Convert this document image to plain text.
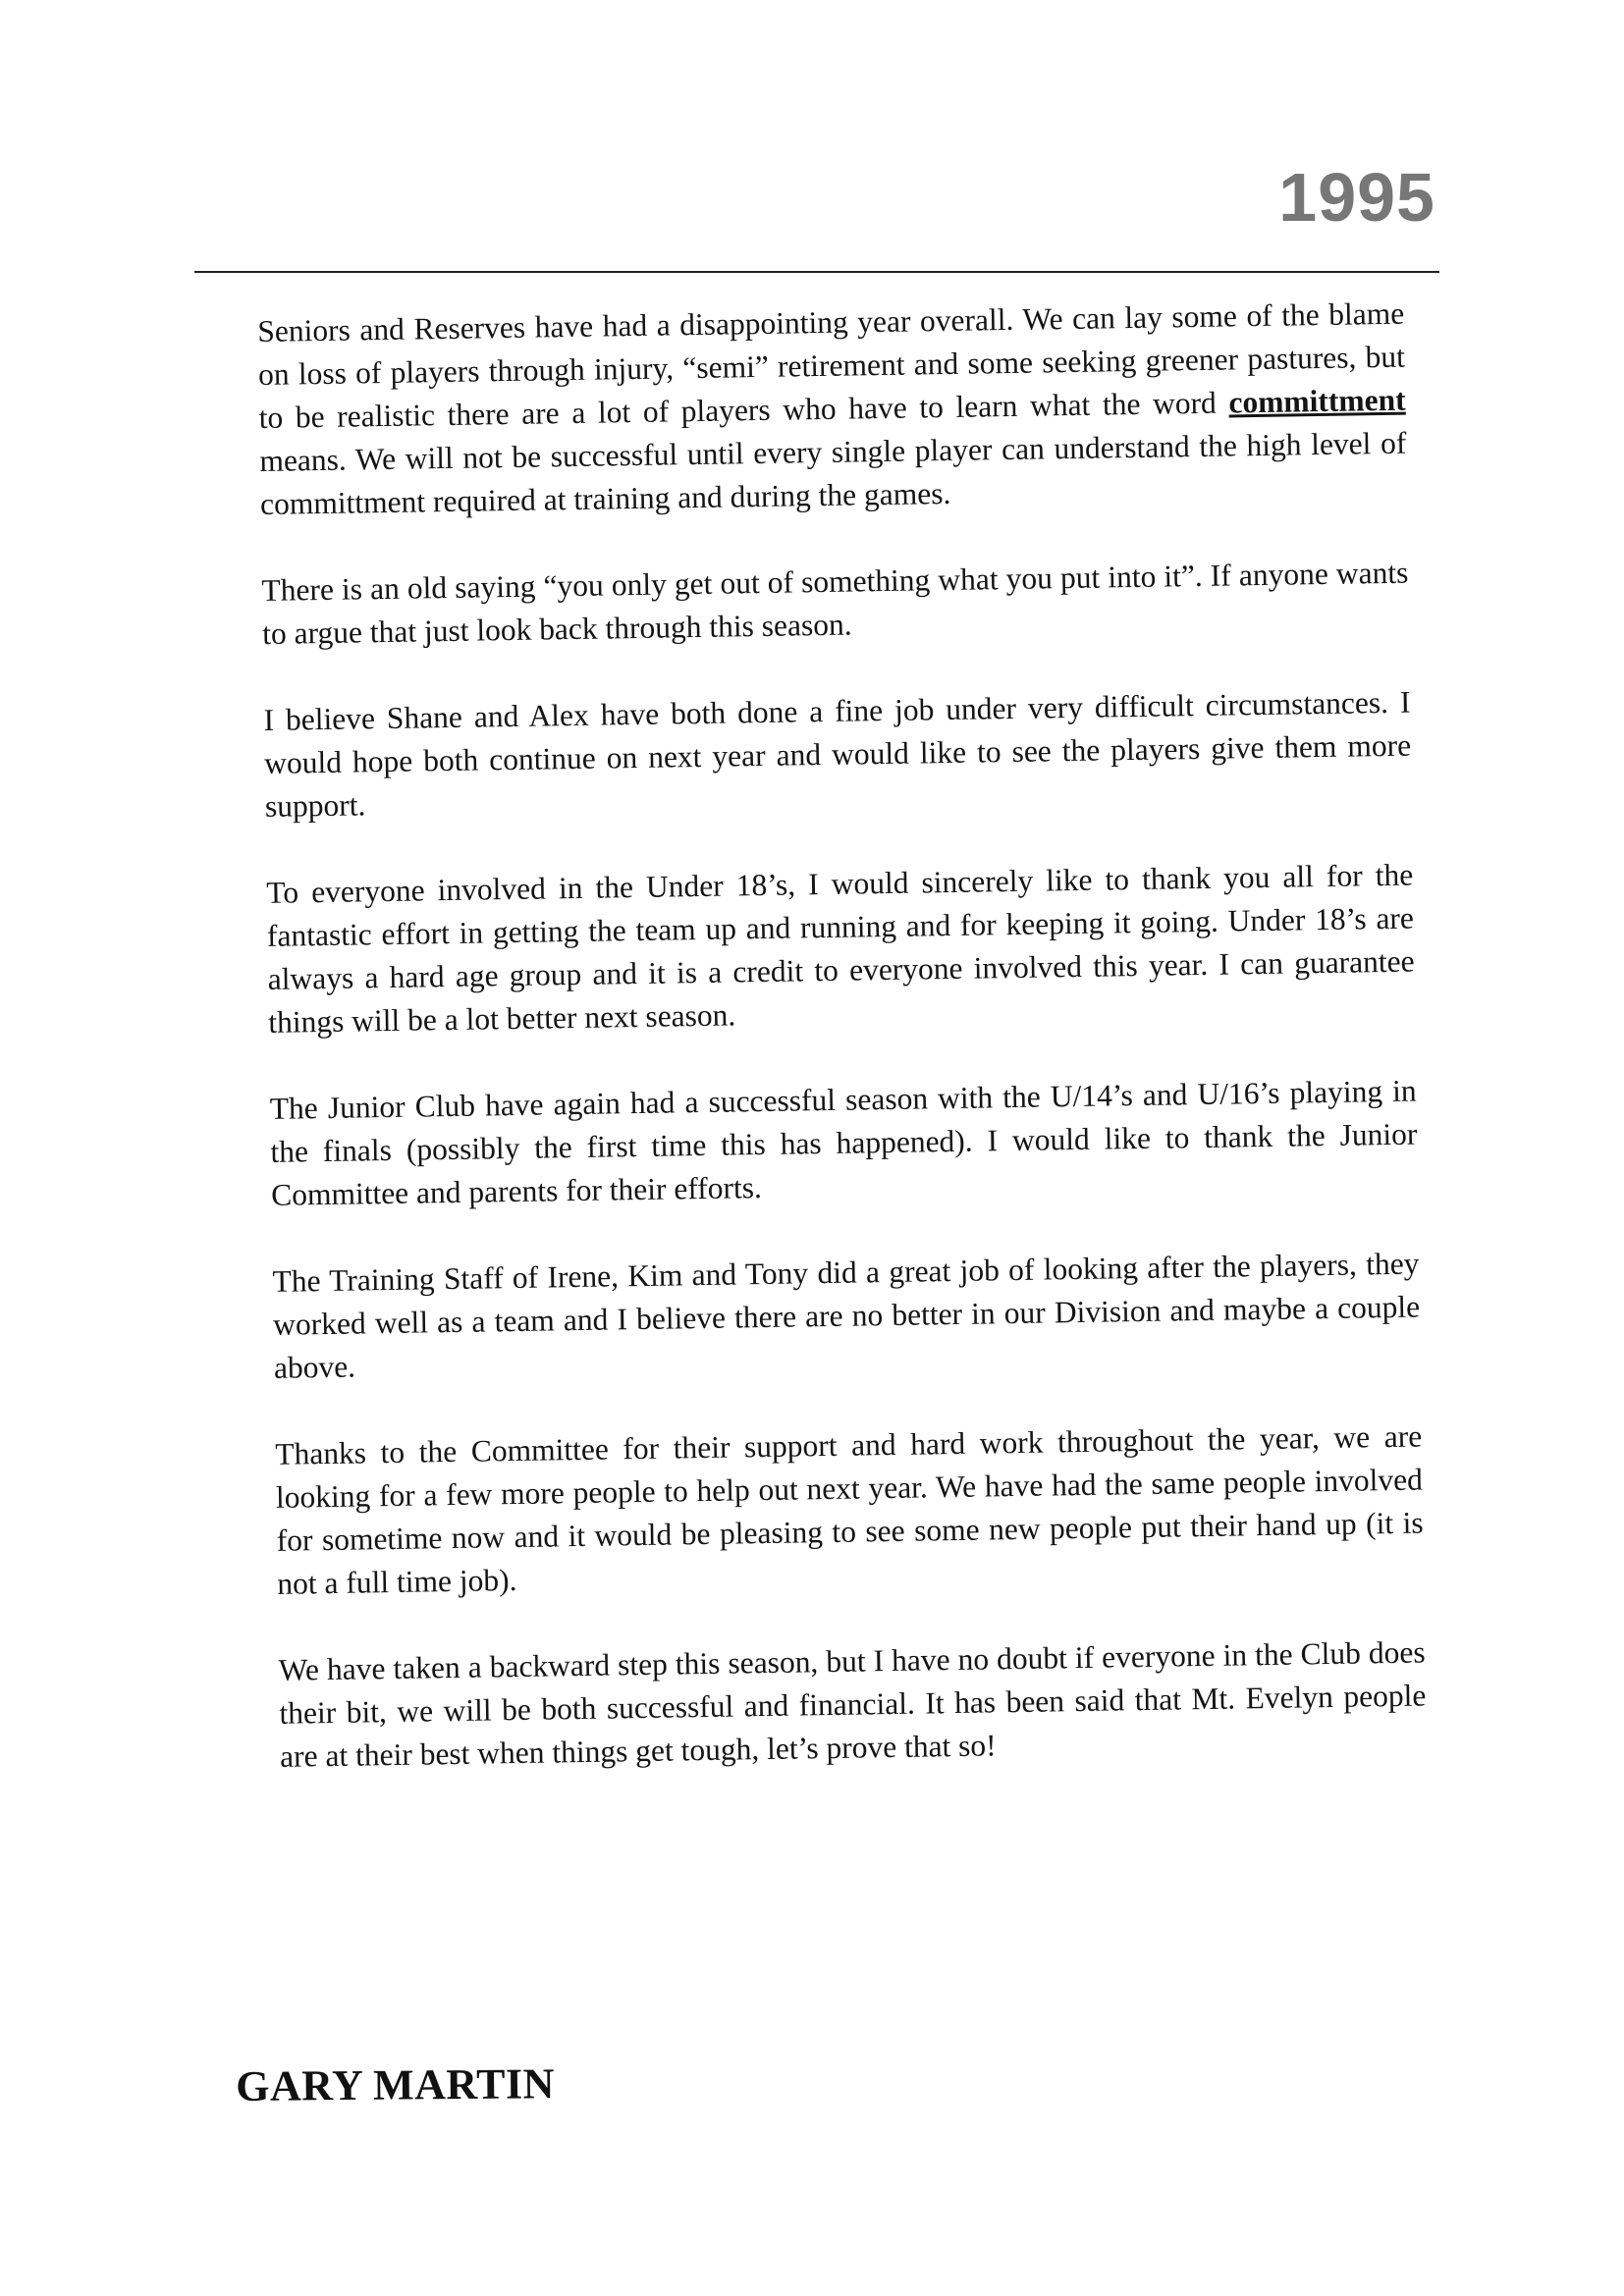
1995

Seniors and Reserves have had a disappointing year overall. We can lay some of the blame on loss of players through injury, “semi” retirement and some seeking greener pastures, but to be realistic there are a lot of players who have to learn what the word committment means. We will not be successful until every single player can understand the high level of committment required at training and during the games.

There is an old saying “you only get out of something what you put into it”. If anyone wants to argue that just look back through this season.

I believe Shane and Alex have both done a fine job under very difficult circumstances. I would hope both continue on next year and would like to see the players give them more support.

To everyone involved in the Under 18’s, I would sincerely like to thank you all for the fantastic effort in getting the team up and running and for keeping it going. Under 18’s are always a hard age group and it is a credit to everyone involved this year. I can guarantee things will be a lot better next season.

The Junior Club have again had a successful season with the U/14’s and U/16’s playing in the finals (possibly the first time this has happened). I would like to thank the Junior Committee and parents for their efforts.

The Training Staff of Irene, Kim and Tony did a great job of looking after the players, they worked well as a team and I believe there are no better in our Division and maybe a couple above.

Thanks to the Committee for their support and hard work throughout the year, we are looking for a few more people to help out next year. We have had the same people involved for sometime now and it would be pleasing to see some new people put their hand up (it is not a full time job).

We have taken a backward step this season, but I have no doubt if everyone in the Club does their bit, we will be both successful and financial. It has been said that Mt. Evelyn people are at their best when things get tough, let’s prove that so!

GARY MARTIN
